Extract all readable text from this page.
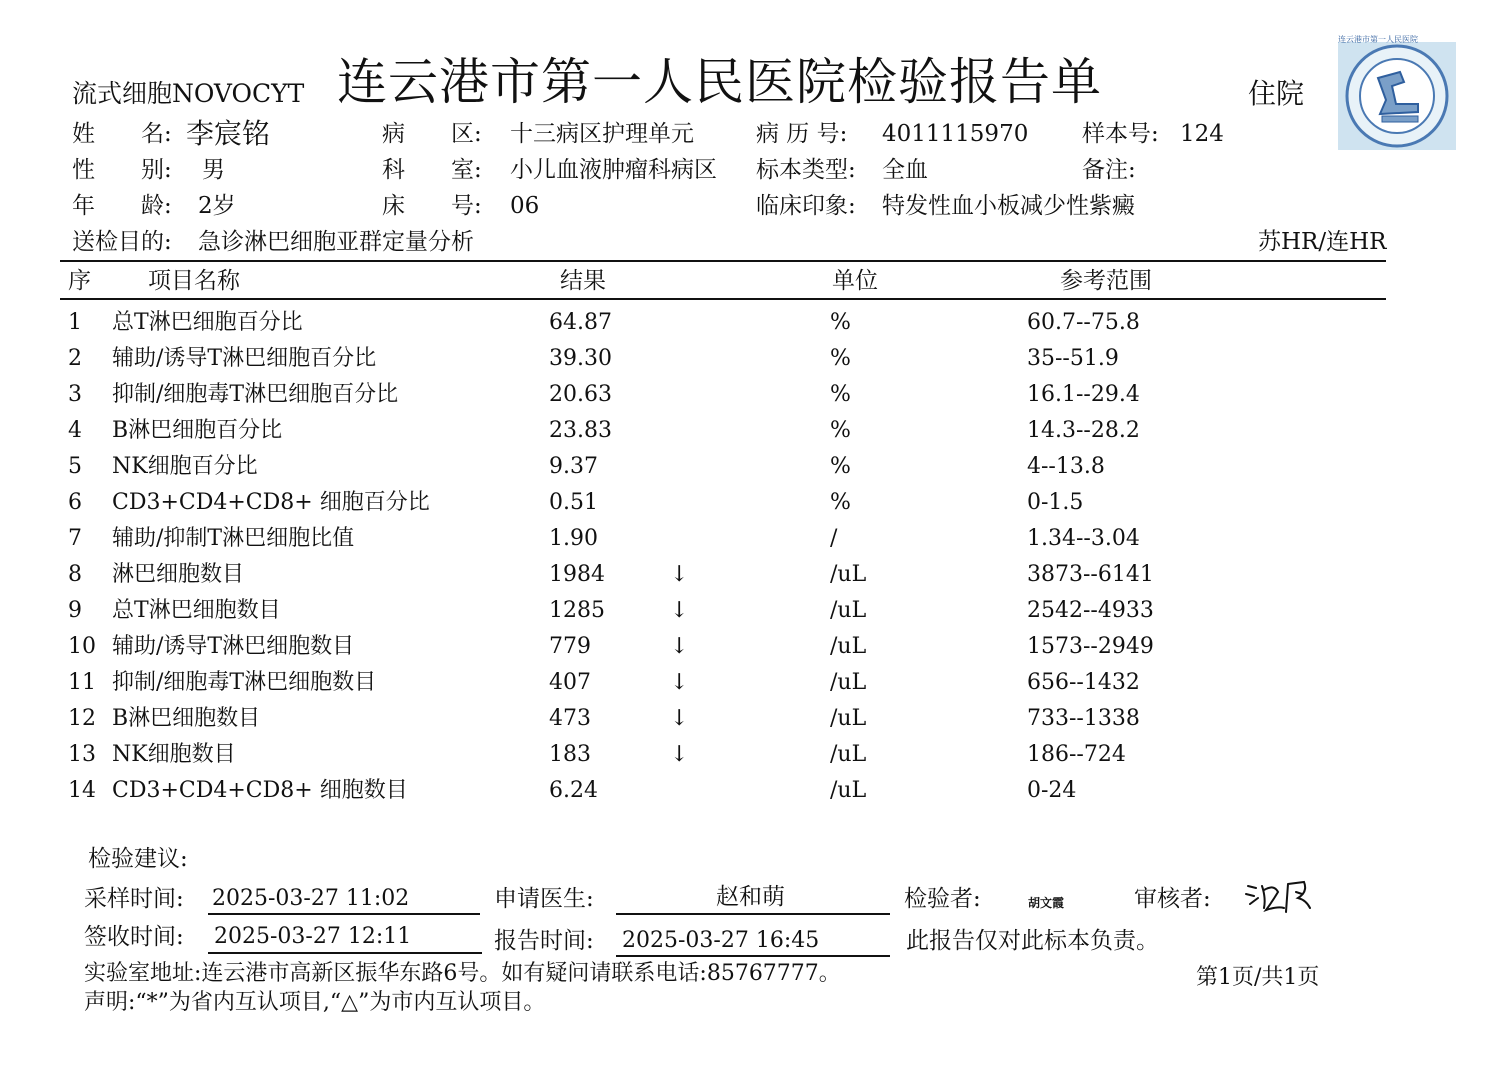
流式细胞NOVOCYT 连云港市第一人民医院检验报告单	住院
连云港市第一人民医院
姓　　名: 李宸铭
性　　别: 男
年　　龄: 2岁
病　　区: 十三病区护理单元
科　　室: 小儿血液肿瘤科病区
床　　号: 06
病 历 号: 4011115970
标本类型: 全血
临床印象: 特发性血小板减少性紫癜
样本号: 124
备注:
送检目的: 急诊淋巴细胞亚群定量分析	苏HR/连HR
序 项目名称	结果	单位	参考范围
1 总T淋巴细胞百分比	64.87	%	60.7--75.8
2 辅助/诱导T淋巴细胞百分比	39.30	%	35--51.9
3 抑制/细胞毒T淋巴细胞百分比	20.63	%	16.1--29.4
4 B淋巴细胞百分比	23.83	%	14.3--28.2
5 NK细胞百分比	9.37	%	4--13.8
6 CD3+CD4+CD8+ 细胞百分比	0.51	%	0-1.5
7 辅助/抑制T淋巴细胞比值	1.90	/	1.34--3.04
8 淋巴细胞数目	1984	↓	/uL	3873--6141
9 总T淋巴细胞数目	1285	↓	/uL	2542--4933
10 辅助/诱导T淋巴细胞数目	779	↓	/uL	1573--2949
11 抑制/细胞毒T淋巴细胞数目	407	↓	/uL	656--1432
12 B淋巴细胞数目	473	↓	/uL	733--1338
13 NK细胞数目	183	↓	/uL	186--724
14 CD3+CD4+CD8+ 细胞数目	6.24	/uL	0-24
检验建议:
采样时间: 2025-03-27 11:02
签收时间: 2025-03-27 12:11
申请医生:	赵和萌
报告时间: 2025-03-27 16:45
检验者:	胡文霞	审核者:
此报告仅对此标本负责。
实验室地址:连云港市高新区振华东路6号。如有疑问请联系电话:85767777。	第1页/共1页
声明:“*”为省内互认项目,“△”为市内互认项目。
